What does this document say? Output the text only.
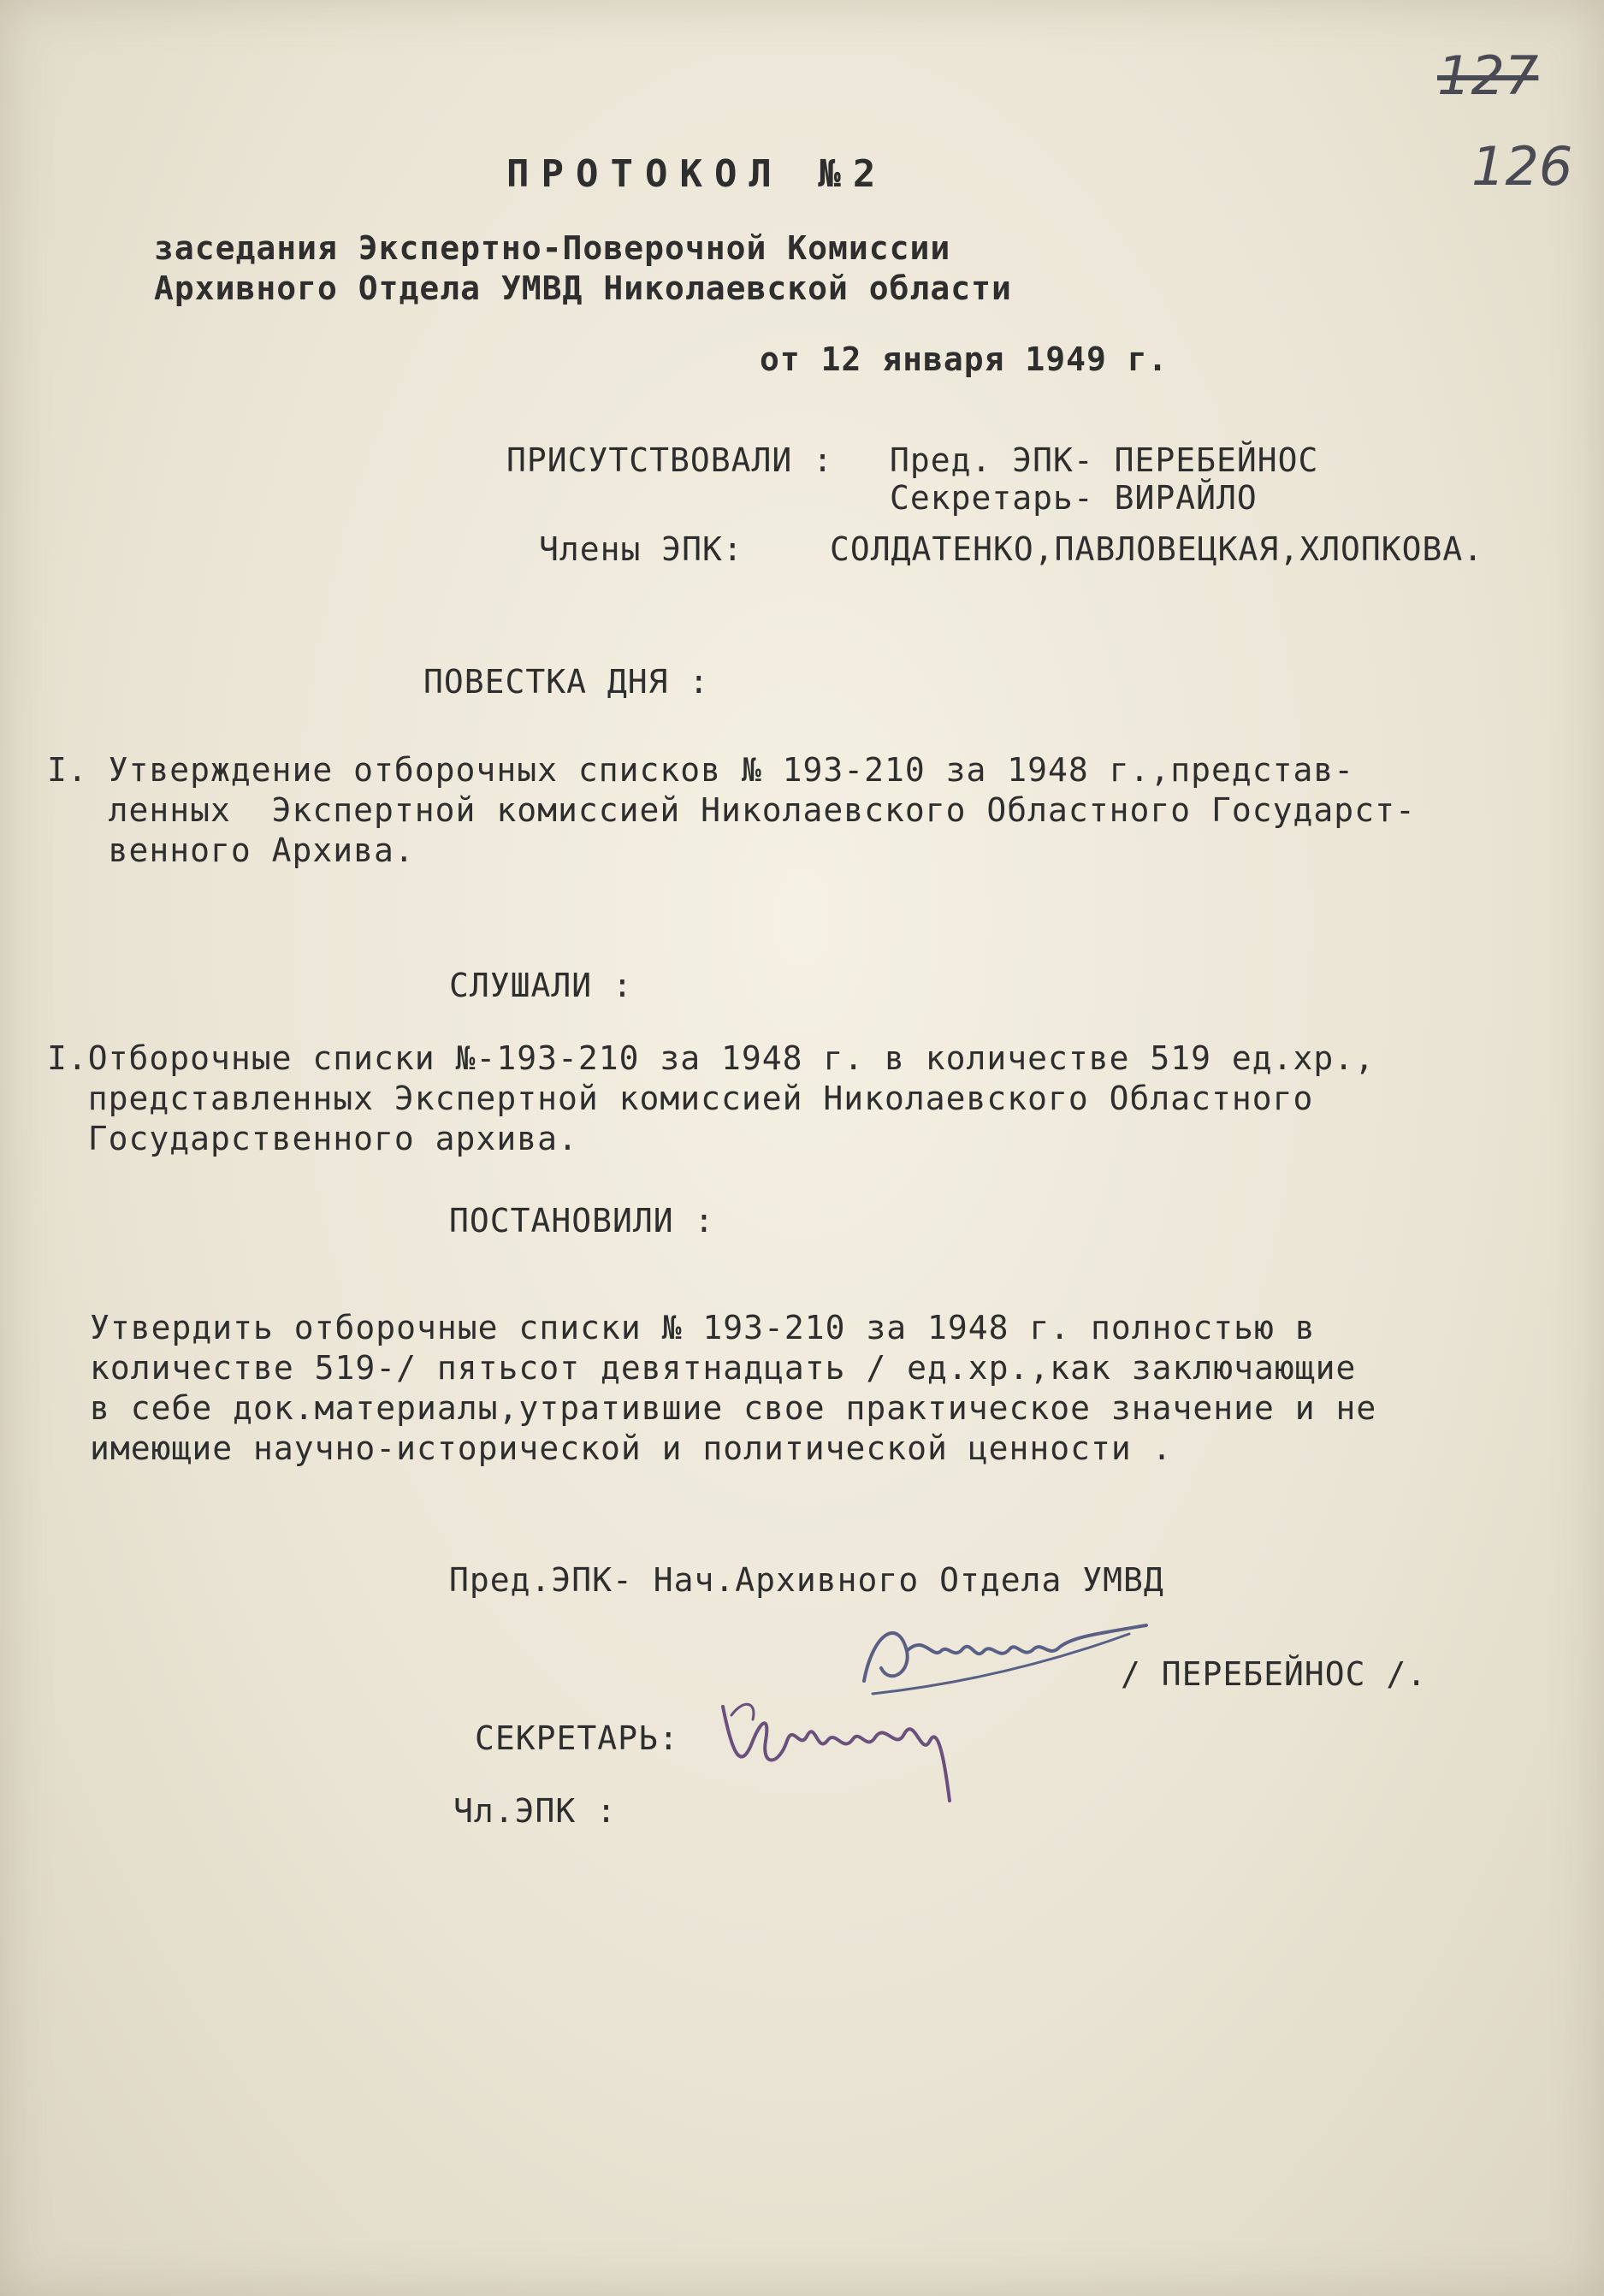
127
126
ПРОТОКОЛ №2
заседания Экспертно-Поверочной Комиссии
Архивного Отдела УМВД Николаевской области
от 12 января 1949 г.
ПРИСУТСТВОВАЛИ : Пред. ЭПК- ПЕРЕБЕЙНОС
Секретарь- ВИРАЙЛО
Члены ЭПК:	СОЛДАТЕНКО,ПАВЛОВЕЦКАЯ,ХЛОПКОВА.
ПОВЕСТКА ДНЯ :
I. Утверждение отборочных списков № 193-210 за 1948 г.,представ-
ленных  Экспертной комиссией Николаевского Областного Государст-
венного Архива.
СЛУШАЛИ :
I.Отборочные списки №-193-210 за 1948 г. в количестве 519 ед.хр.,
представленных Экспертной комиссией Николаевского Областного
Государственного архива.
ПОСТАНОВИЛИ :
Утвердить отборочные списки № 193-210 за 1948 г. полностью в
количестве 519-/ пятьсот девятнадцать / ед.хр.,как заключающие
в себе док.материалы,утратившие свое практическое значение и не
имеющие научно-исторической и политической ценности .
Пред.ЭПК- Нач.Архивного Отдела УМВД
/ ПЕРЕБЕЙНОС /.
СЕКРЕТАРЬ:
Чл.ЭПК :
